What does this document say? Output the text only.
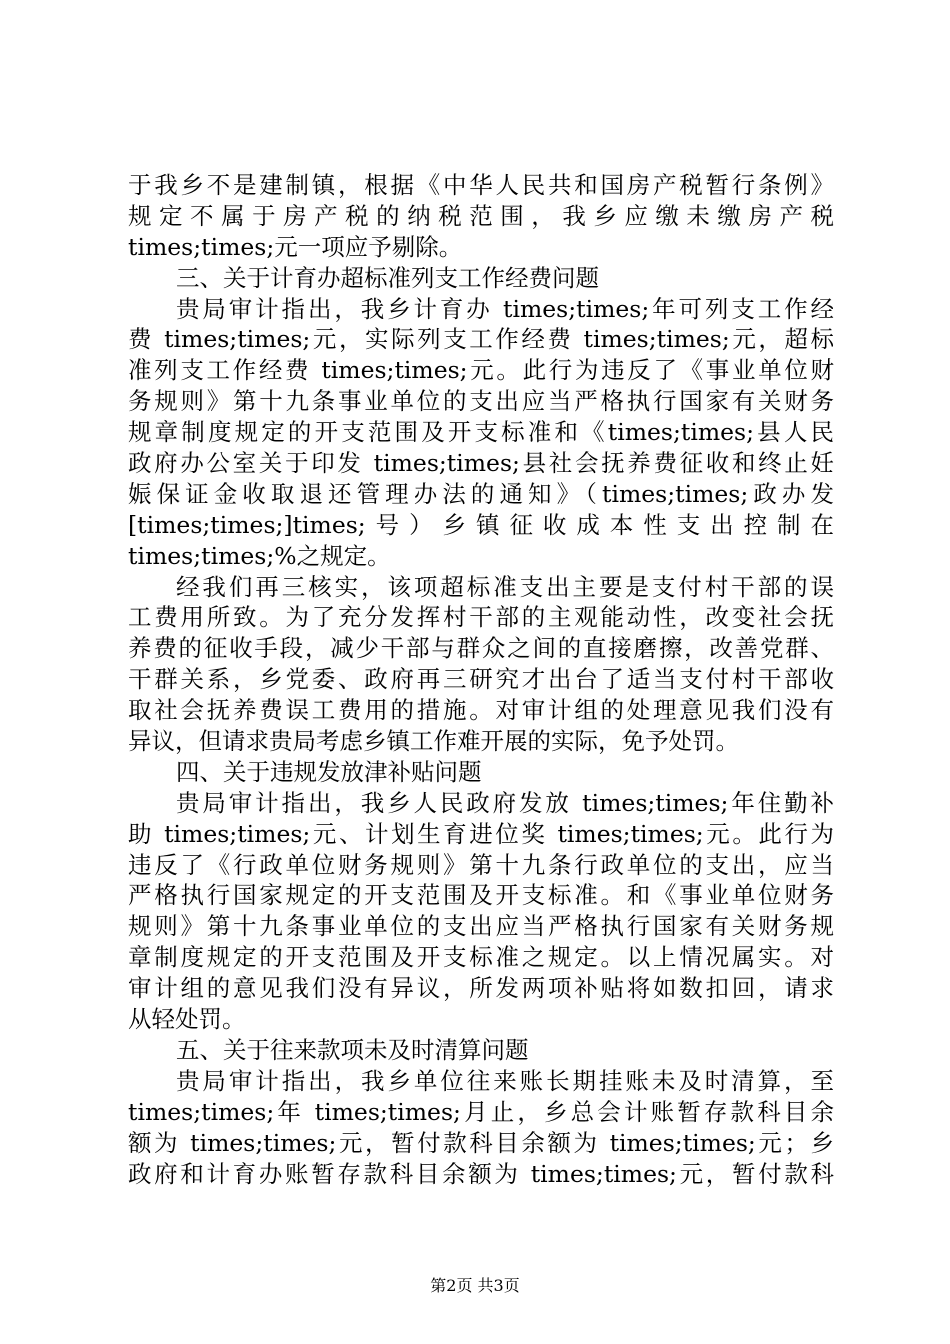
于我乡不是建制镇，根据《中华人民共和国房产税暂行条例》
规定不属于房产税的纳税范围，我乡应缴未缴房产税
times;times;元一项应予剔除。
三、关于计育办超标准列支工作经费问题
贵局审计指出，我乡计育办 times;times;年可列支工作经
费 times;times;元，实际列支工作经费 times;times;元，超标
准列支工作经费 times;times;元。此行为违反了《事业单位财
务规则》第十九条事业单位的支出应当严格执行国家有关财务
规章制度规定的开支范围及开支标准和《times;times;县人民
政府办公室关于印发 times;times;县社会抚养费征收和终止妊
娠保证金收取退还管理办法的通知》（times;times;政办发
[times;times;]times;号）乡镇征收成本性支出控制在
times;times;%之规定。
经我们再三核实，该项超标准支出主要是支付村干部的误
工费用所致。为了充分发挥村干部的主观能动性，改变社会抚
养费的征收手段，减少干部与群众之间的直接磨擦，改善党群、
干群关系，乡党委、政府再三研究才出台了适当支付村干部收
取社会抚养费误工费用的措施。对审计组的处理意见我们没有
异议，但请求贵局考虑乡镇工作难开展的实际，免予处罚。
四、关于违规发放津补贴问题
贵局审计指出，我乡人民政府发放 times;times;年住勤补
助 times;times;元、计划生育进位奖 times;times;元。此行为
违反了《行政单位财务规则》第十九条行政单位的支出，应当
严格执行国家规定的开支范围及开支标准。和《事业单位财务
规则》第十九条事业单位的支出应当严格执行国家有关财务规
章制度规定的开支范围及开支标准之规定。以上情况属实。对
审计组的意见我们没有异议，所发两项补贴将如数扣回，请求
从轻处罚。
五、关于往来款项未及时清算问题
贵局审计指出，我乡单位往来账长期挂账未及时清算，至
times;times;年 times;times;月止，乡总会计账暂存款科目余
额为 times;times;元，暂付款科目余额为 times;times;元；乡
政府和计育办账暂存款科目余额为 times;times;元，暂付款科
第2页 共3页
